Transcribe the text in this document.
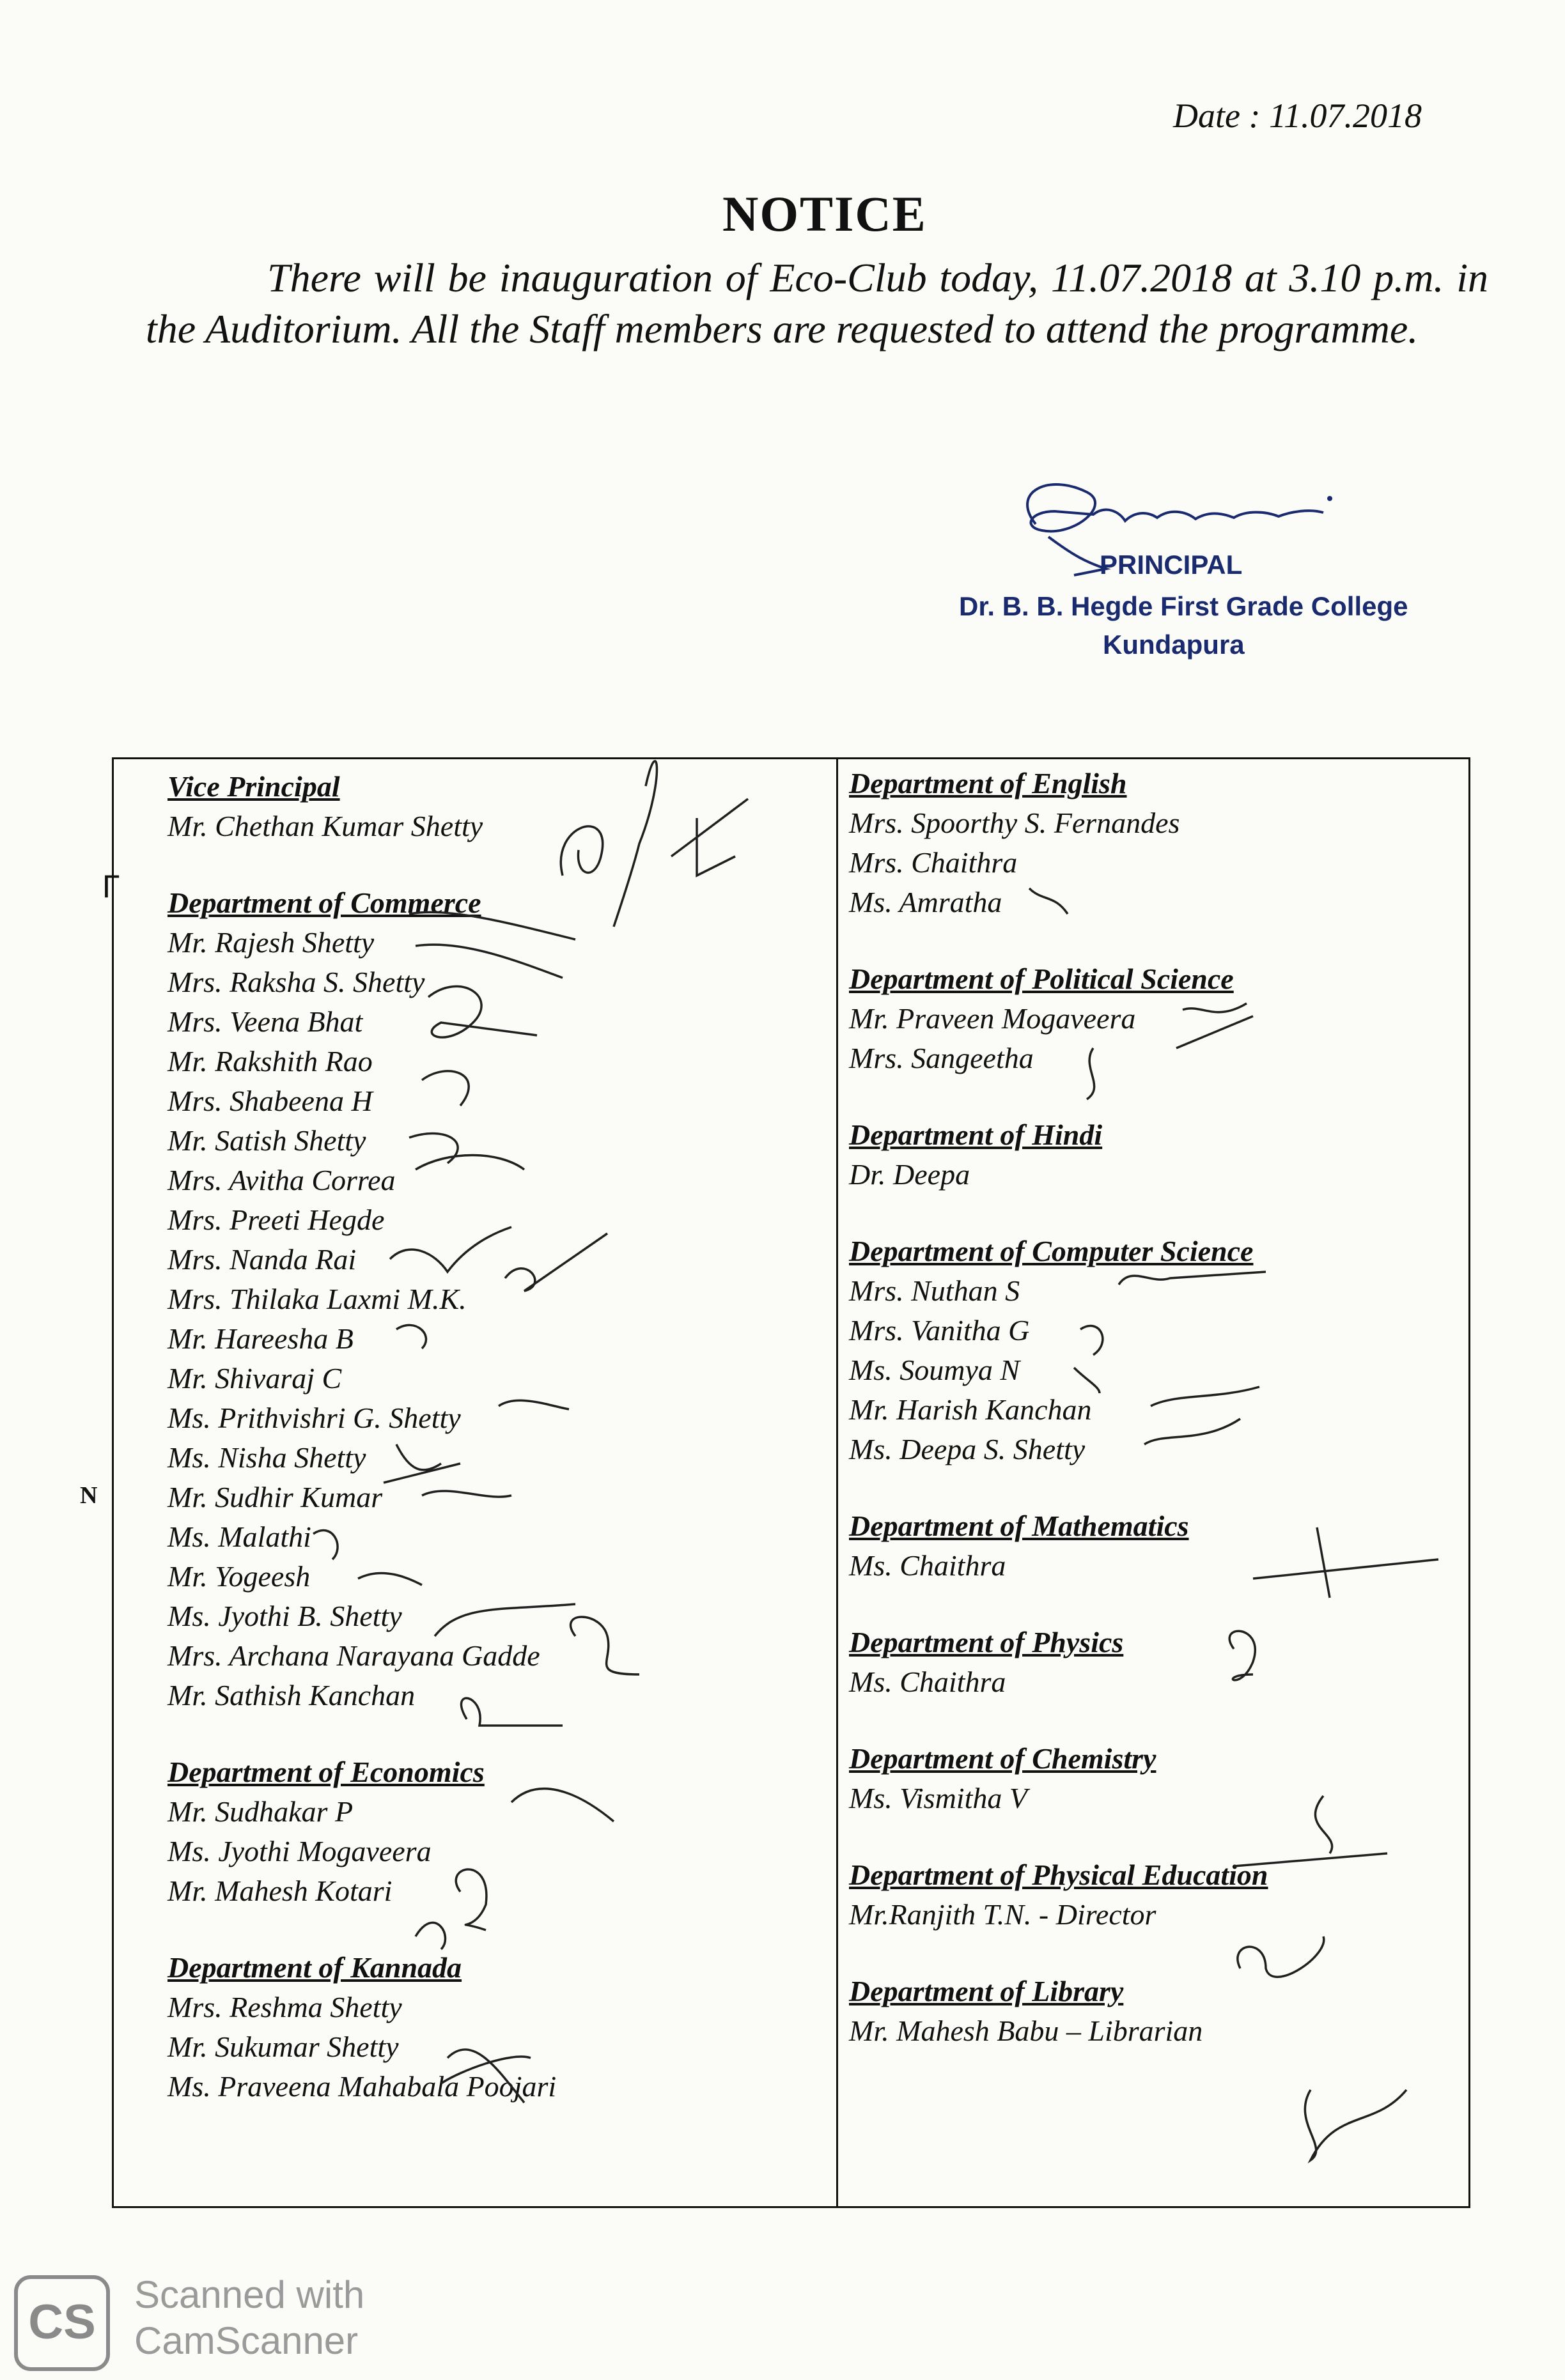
Date : 11.07.2018
NOTICE
There will be inauguration of Eco-Club today, 11.07.2018 at 3.10 p.m. in the Auditorium. All the Staff members are requested to attend the programme.
PRINCIPAL
Dr. B. B. Hegde First Grade College
Kundapura
Γ
N
Vice Principal
Mr. Chethan Kumar Shetty
Department of Commerce
Mr. Rajesh Shetty
Mrs. Raksha S. Shetty
Mrs. Veena Bhat
Mr. Rakshith Rao
Mrs. Shabeena H
Mr. Satish Shetty
Mrs. Avitha Correa
Mrs. Preeti Hegde
Mrs. Nanda Rai
Mrs. Thilaka Laxmi M.K.
Mr. Hareesha B
Mr. Shivaraj C
Ms. Prithvishri G. Shetty
Ms. Nisha Shetty
Mr. Sudhir Kumar
Ms. Malathi
Mr. Yogeesh
Ms. Jyothi B. Shetty
Mrs. Archana Narayana Gadde
Mr. Sathish Kanchan
Department of Economics
Mr. Sudhakar P
Ms. Jyothi Mogaveera
Mr. Mahesh Kotari
Department of Kannada
Mrs. Reshma Shetty
Mr. Sukumar Shetty
Ms. Praveena Mahabala Poojari
Department of English
Mrs. Spoorthy S. Fernandes
Mrs. Chaithra
Ms. Amratha
Department of Political Science
Mr. Praveen Mogaveera
Mrs. Sangeetha
Department of Hindi
Dr. Deepa
Department of Computer Science
Mrs. Nuthan S
Mrs. Vanitha G
Ms. Soumya N
Mr. Harish Kanchan
Ms. Deepa S. Shetty
Department of Mathematics
Ms. Chaithra
Department of Physics
Ms. Chaithra
Department of Chemistry
Ms. Vismitha V
Department of Physical Education
Mr.Ranjith T.N. - Director
Department of Library
Mr. Mahesh Babu – Librarian
CS
Scanned with
CamScanner
